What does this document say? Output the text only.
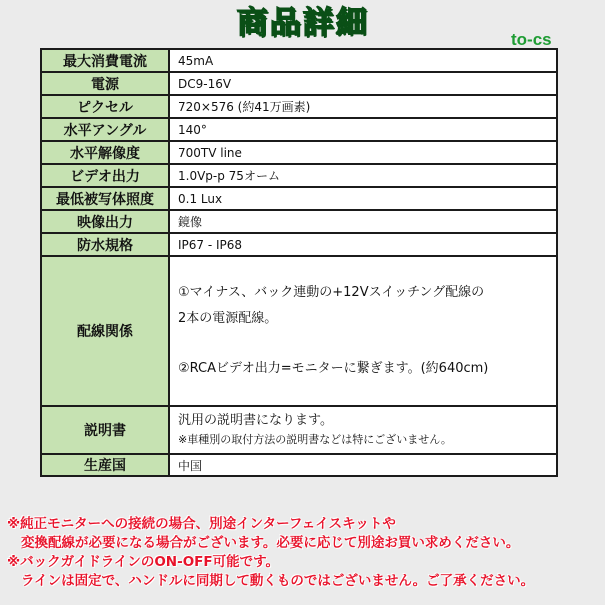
商品詳細	to-cs
最大消費電流	45mA
電源	DC9-16V
ピクセル	720×576 (約41万画素)
水平アングル	140°
水平解像度	700TV line
ビデオ出力	1.0Vp-p 75オーム
最低被写体照度	0.1 Lux
映像出力	鏡像
防水規格	IP67 - IP68
配線関係	①マイナス、バック連動の+12Vスイッチング配線の
2本の電源配線。
②RCAビデオ出力=モニターに繋ぎます。(約640cm)

説明書	汎用の説明書になります。
※車種別の取付方法の説明書などは特にございません。

生産国	中国
※純正モニターへの接続の場合、別途インターフェイスキットや
変換配線が必要になる場合がございます。必要に応じて別途お買い求めください。
※バックガイドラインのON-OFF可能です。
ラインは固定で、ハンドルに同期して動くものではございません。ご了承ください。
